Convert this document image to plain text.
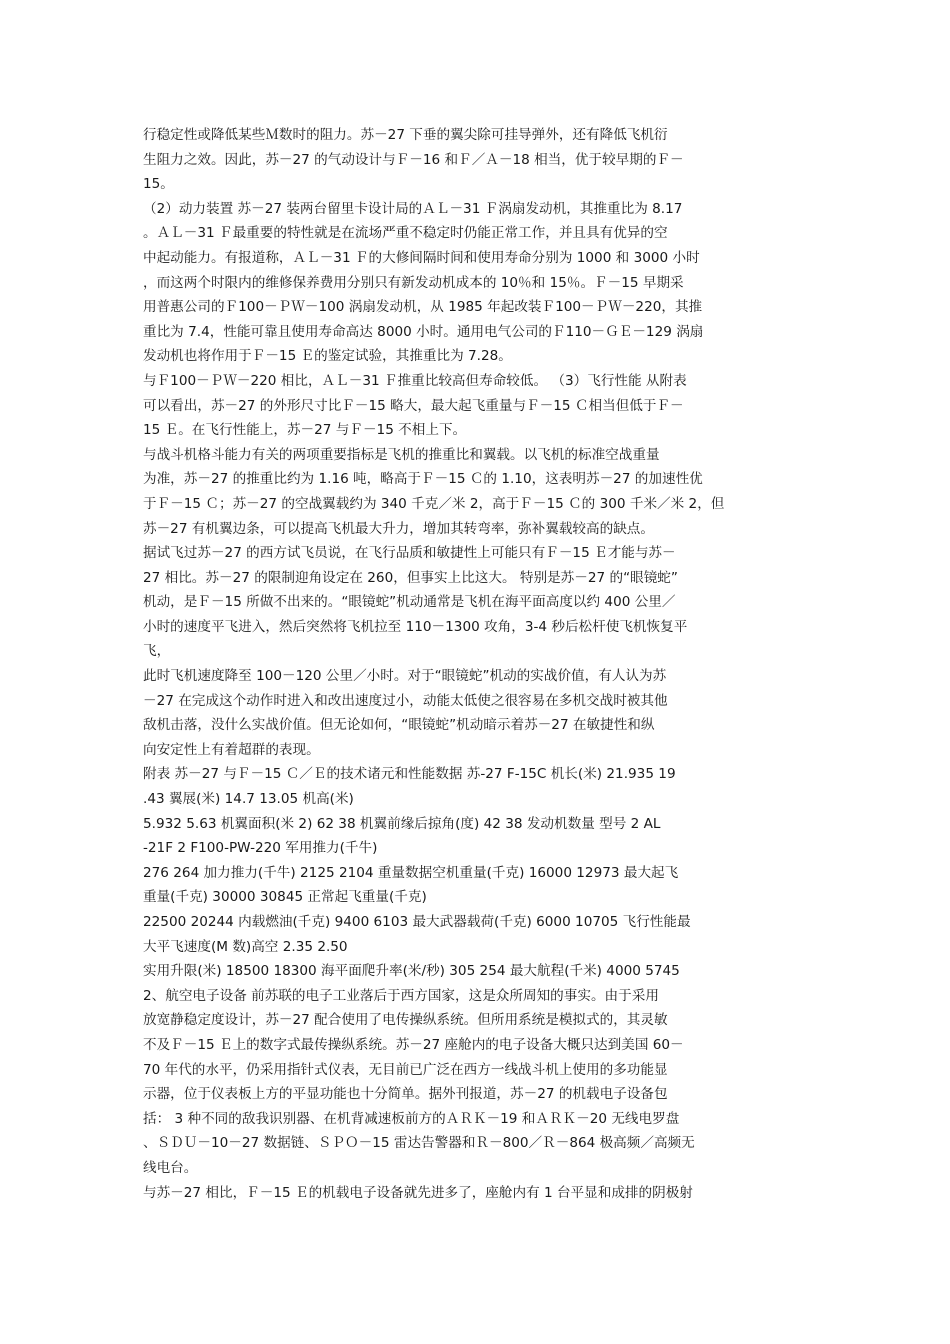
行稳定性或降低某些Ｍ数时的阻力。苏－27 下垂的翼尖除可挂导弹外，还有降低飞机衍
生阻力之效。因此，苏－27 的气动设计与Ｆ－16 和Ｆ／Ａ－18 相当，优于较早期的Ｆ－
15。
（2）动力装置 苏－27 装两台留里卡设计局的ＡＬ－31 Ｆ涡扇发动机，其推重比为 8.17
。ＡＬ－31 Ｆ最重要的特性就是在流场严重不稳定时仍能正常工作，并且具有优异的空
中起动能力。有报道称，ＡＬ－31 Ｆ的大修间隔时间和使用寿命分别为 1000 和 3000 小时
，而这两个时限内的维修保养费用分别只有新发动机成本的 10％和 15％。Ｆ－15 早期采
用普惠公司的Ｆ100－ＰＷ－100 涡扇发动机，从 1985 年起改装Ｆ100－ＰＷ－220，其推
重比为 7.4，性能可靠且使用寿命高达 8000 小时。通用电气公司的Ｆ110－ＧＥ－129 涡扇
发动机也将作用于Ｆ－15 Ｅ的鉴定试验，其推重比为 7.28。
与Ｆ100－ＰＷ－220 相比，ＡＬ－31 Ｆ推重比较高但寿命较低。 （3）飞行性能 从附表
可以看出，苏－27 的外形尺寸比Ｆ－15 略大，最大起飞重量与Ｆ－15 Ｃ相当但低于Ｆ－
15 Ｅ。在飞行性能上，苏－27 与Ｆ－15 不相上下。
与战斗机格斗能力有关的两项重要指标是飞机的推重比和翼载。以飞机的标准空战重量
为准，苏－27 的推重比约为 1.16 吨，略高于Ｆ－15 Ｃ的 1.10，这表明苏－27 的加速性优
于Ｆ－15 Ｃ；苏－27 的空战翼载约为 340 千克／米 2，高于Ｆ－15 Ｃ的 300 千米／米 2，但
苏－27 有机翼边条，可以提高飞机最大升力，增加其转弯率，弥补翼载较高的缺点。
据试飞过苏－27 的西方试飞员说，在飞行品质和敏捷性上可能只有Ｆ－15 Ｅ才能与苏－
27 相比。苏－27 的限制迎角设定在 260，但事实上比这大。 特别是苏－27 的“眼镜蛇”
机动，是Ｆ－15 所做不出来的。“眼镜蛇”机动通常是飞机在海平面高度以约 400 公里／
小时的速度平飞进入，然后突然将飞机拉至 110－1300 攻角，3-4 秒后松杆使飞机恢复平
飞，
此时飞机速度降至 100－120 公里／小时。对于“眼镜蛇”机动的实战价值，有人认为苏
－27 在完成这个动作时进入和改出速度过小，动能太低使之很容易在多机交战时被其他
敌机击落，没什么实战价值。但无论如何，“眼镜蛇”机动暗示着苏－27 在敏捷性和纵
向安定性上有着超群的表现。
附表 苏－27 与Ｆ－15 Ｃ／Ｅ的技术诸元和性能数据 苏-27 F-15C 机长(米) 21.935 19
.43 翼展(米) 14.7 13.05 机高(米)
5.932 5.63 机翼面积(米 2) 62 38 机翼前缘后掠角(度) 42 38 发动机数量 型号 2 AL
-21F 2 F100-PW-220 军用推力(千牛)
276 264 加力推力(千牛) 2125 2104 重量数据空机重量(千克) 16000 12973 最大起飞
重量(千克) 30000 30845 正常起飞重量(千克)
22500 20244 内载燃油(千克) 9400 6103 最大武器载荷(千克) 6000 10705 飞行性能最
大平飞速度(M 数)高空 2.35 2.50
实用升限(米) 18500 18300 海平面爬升率(米/秒) 305 254 最大航程(千米) 4000 5745
2、航空电子设备 前苏联的电子工业落后于西方国家，这是众所周知的事实。由于采用
放宽静稳定度设计，苏－27 配合使用了电传操纵系统。但所用系统是模拟式的，其灵敏
不及Ｆ－15 Ｅ上的数字式最传操纵系统。苏－27 座舱内的电子设备大概只达到美国 60－
70 年代的水平，仍采用指针式仪表，无目前已广泛在西方一线战斗机上使用的多功能显
示器，位于仪表板上方的平显功能也十分简单。据外刊报道，苏－27 的机载电子设备包
括： 3 种不同的敌我识别器、在机背减速板前方的ＡＲＫ－19 和ＡＲＫ－20 无线电罗盘
、ＳＤＵ－10－27 数据链、ＳＰＯ－15 雷达告警器和Ｒ－800／Ｒ－864 极高频／高频无
线电台。
与苏－27 相比，Ｆ－15 Ｅ的机载电子设备就先进多了，座舱内有 1 台平显和成排的阴极射
